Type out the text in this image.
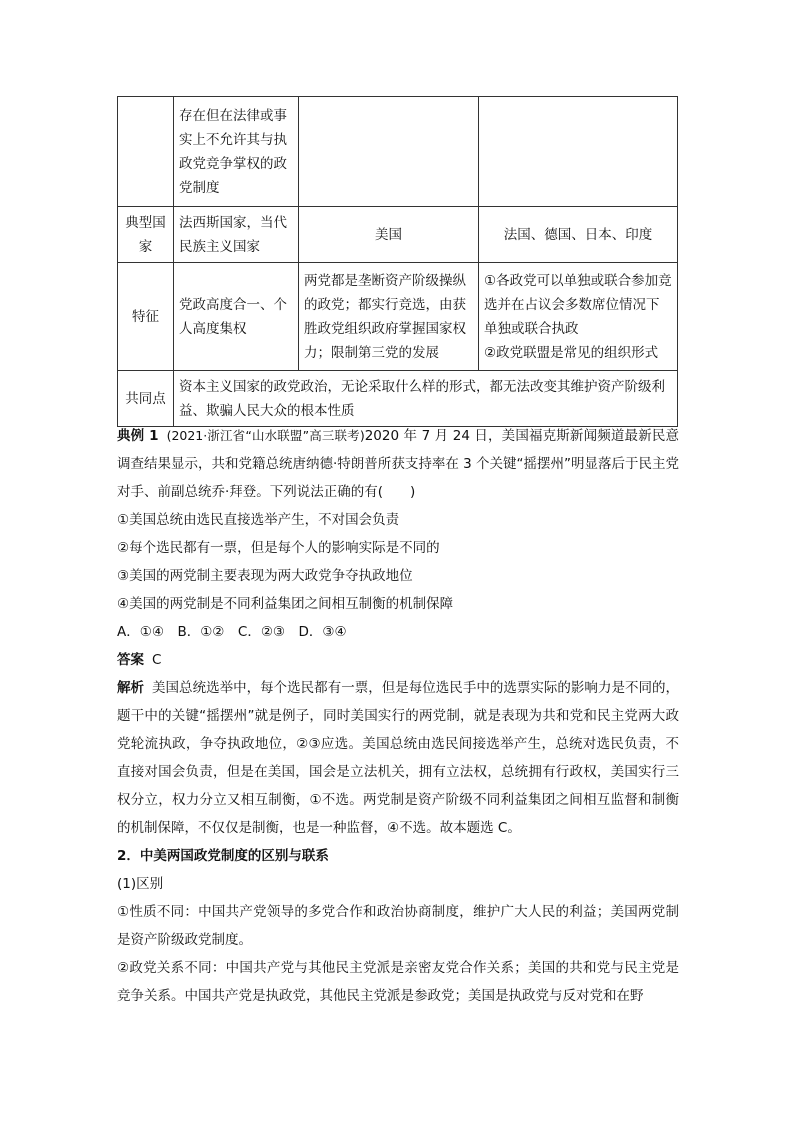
	存在但在法律或事实上不允许其与执政党竞争掌权的政党制度		
典型国家	法西斯国家，当代民族主义国家	美国	法国、德国、日本、印度
特征	党政高度合一、个人高度集权	两党都是垄断资产阶级操纵的政党；都实行竞选，由获胜政党组织政府掌握国家权力；限制第三党的发展	①各政党可以单独或联合参加竞选并在占议会多数席位情况下单独或联合执政
②政党联盟是常见的组织形式

共同点	资本主义国家的政党政治，无论采取什么样的形式，都无法改变其维护资产阶级利益、欺骗人民大众的根本性质		

典例 1 (2021·浙江省“山水联盟”高三联考)2020 年 7 月 24 日，美国福克斯新闻频道最新民意调查结果显示，共和党籍总统唐纳德·特朗普所获支持率在 3 个关键“摇摆州”明显落后于民主党对手、前副总统乔·拜登。下列说法正确的有(　　)

①美国总统由选民直接选举产生，不对国会负责

②每个选民都有一票，但是每个人的影响实际是不同的

③美国的两党制主要表现为两大政党争夺执政地位

④美国的两党制是不同利益集团之间相互制衡的机制保障

A．①④　B．①②　C．②③　D．③④

答案 C

解析 美国总统选举中，每个选民都有一票，但是每位选民手中的选票实际的影响力是不同的，题干中的关键“摇摆州”就是例子，同时美国实行的两党制，就是表现为共和党和民主党两大政党轮流执政，争夺执政地位，②③应选。美国总统由选民间接选举产生，总统对选民负责，不直接对国会负责，但是在美国，国会是立法机关，拥有立法权，总统拥有行政权，美国实行三权分立，权力分立又相互制衡，①不选。两党制是资产阶级不同利益集团之间相互监督和制衡的机制保障，不仅仅是制衡，也是一种监督，④不选。故本题选 C。

2．中美两国政党制度的区别与联系

(1)区别

①性质不同：中国共产党领导的多党合作和政治协商制度，维护广大人民的利益；美国两党制是资产阶级政党制度。

②政党关系不同：中国共产党与其他民主党派是亲密友党合作关系；美国的共和党与民主党是竞争关系。中国共产党是执政党，其他民主党派是参政党；美国是执政党与反对党和在野
